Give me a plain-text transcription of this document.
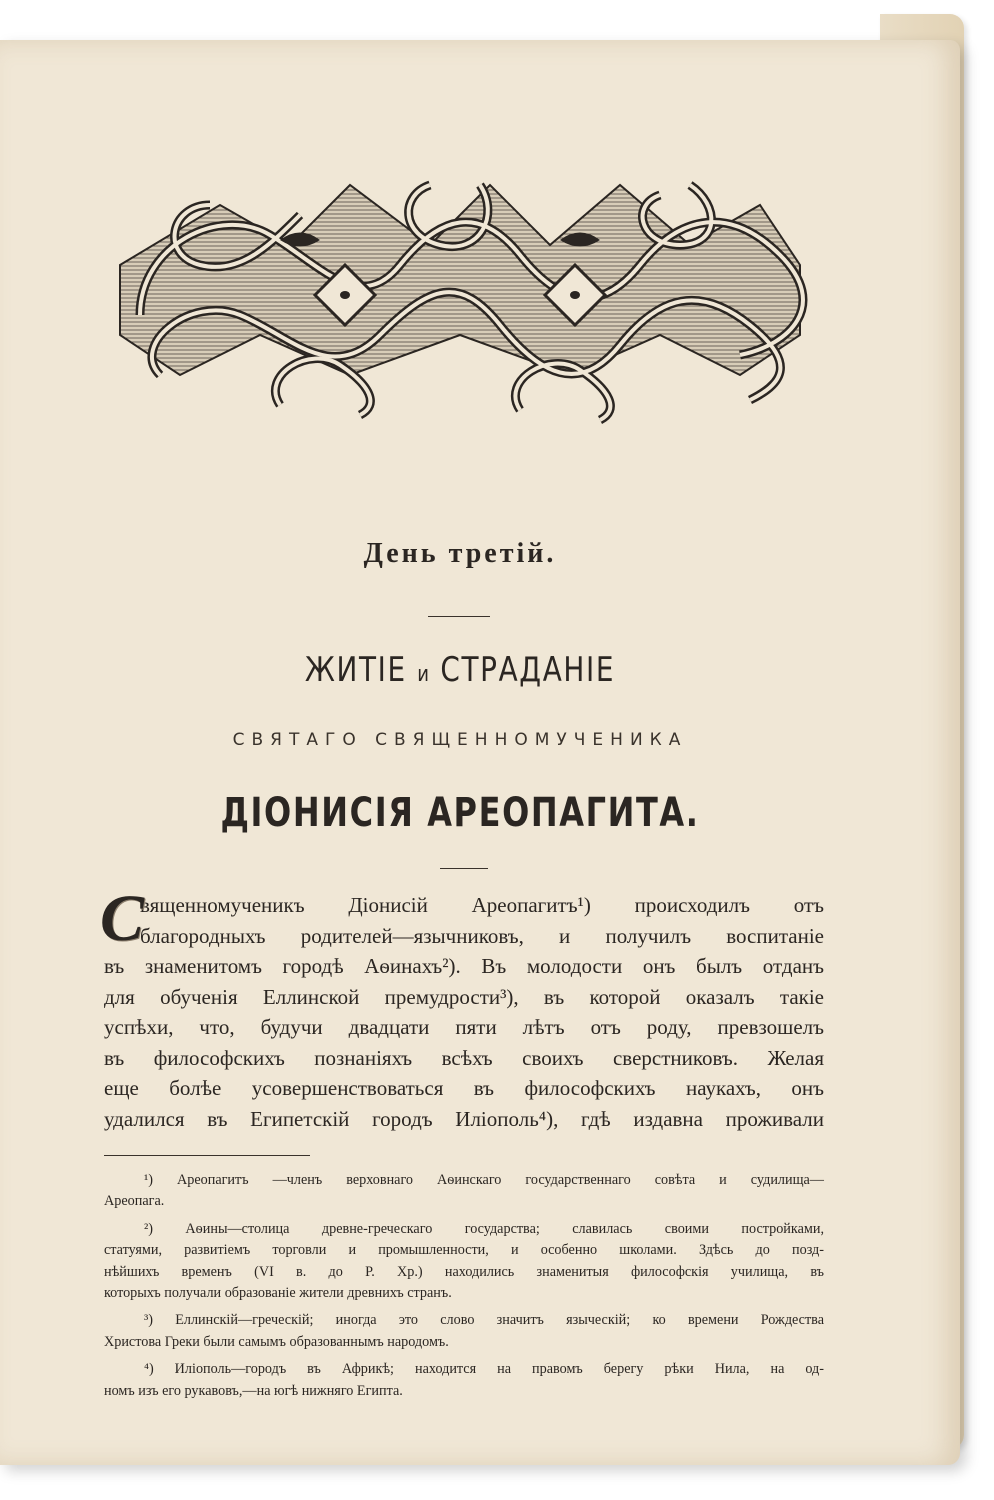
День третій.
ЖИТІЕ и СТРАДАНІЕ
СВЯТАГО СВЯЩЕННОМУЧЕНИКА
ДІОНИСІЯ АРЕОПАГИТА.
С
вященномученикъ Діонисій Ареопагитъ¹) происходилъ отъ
благородныхъ родителей—язычниковъ, и получилъ воспитаніе
въ знаменитомъ городѣ Аѳинахъ²). Въ молодости онъ былъ отданъ
для обученія Еллинской премудрости³), въ которой оказалъ такіе
успѣхи, что, будучи двадцати пяти лѣтъ отъ роду, превзошелъ
въ философскихъ познаніяхъ всѣхъ своихъ сверстниковъ. Желая
еще болѣе усовершенствоваться въ философскихъ наукахъ, онъ
удалился въ Египетскій городъ Иліополь⁴), гдѣ издавна проживали
¹) Ареопагитъ —членъ верховнаго Аѳинскаго государственнаго совѣта и судилища—
Ареопага.
²) Аѳины—столица древне-греческаго государства; славилась своими постройками,
статуями, развитіемъ торговли и промышленности, и особенно школами. Здѣсь до позд-
нѣйшихъ временъ (VI в. до Р. Хр.) находились знаменитыя философскія училища, въ
которыхъ получали образованіе жители древнихъ странъ.
³) Еллинскій—греческій; иногда это слово значитъ языческій; ко времени Рождества
Христова Греки были самымъ образованнымъ народомъ.
⁴) Иліополь—городъ въ Африкѣ; находится на правомъ берегу рѣки Нила, на од-
номъ изъ его рукавовъ,—на югѣ нижняго Египта.
